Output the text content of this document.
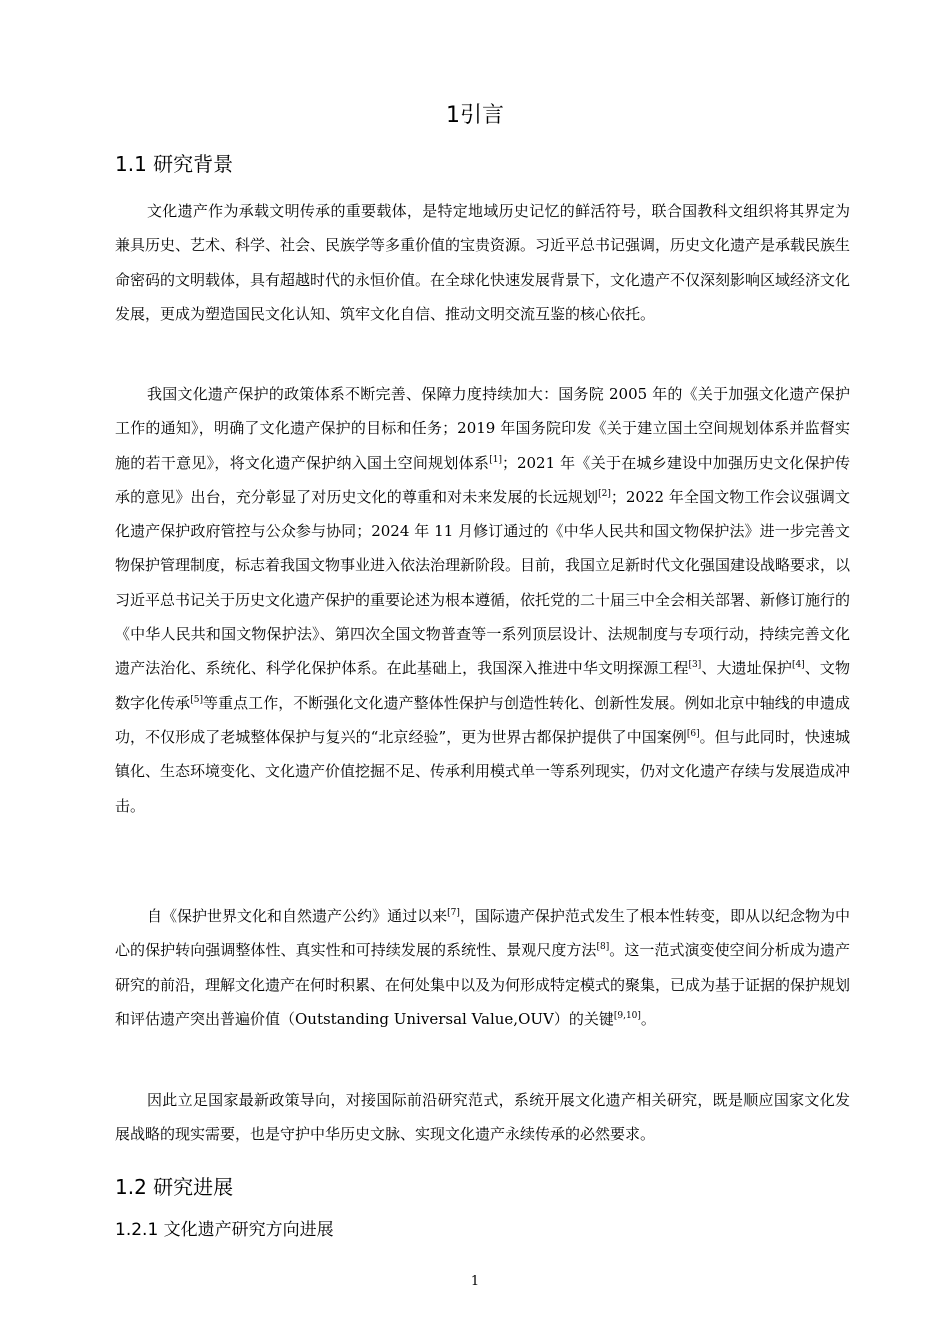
1引言
1.1 研究背景

文化遗产作为承载文明传承的重要载体，是特定地域历史记忆的鲜活符号，联合国教科文组织将其界定为兼具历史、艺术、科学、社会、民族学等多重价值的宝贵资源。习近平总书记强调，历史文化遗产是承载民族生命密码的文明载体，具有超越时代的永恒价值。在全球化快速发展背景下，文化遗产不仅深刻影响区域经济文化发展，更成为塑造国民文化认知、筑牢文化自信、推动文明交流互鉴的核心依托。

我国文化遗产保护的政策体系不断完善、保障力度持续加大：国务院 2005 年的《关于加强文化遗产保护工作的通知》，明确了文化遗产保护的目标和任务；2019 年国务院印发《关于建立国土空间规划体系并监督实施的若干意见》，将文化遗产保护纳入国土空间规划体系[1]；2021 年《关于在城乡建设中加强历史文化保护传承的意见》出台，充分彰显了对历史文化的尊重和对未来发展的长远规划[2]；2022 年全国文物工作会议强调文化遗产保护政府管控与公众参与协同；2024 年 11 月修订通过的《中华人民共和国文物保护法》进一步完善文物保护管理制度，标志着我国文物事业进入依法治理新阶段。目前，我国立足新时代文化强国建设战略要求，以习近平总书记关于历史文化遗产保护的重要论述为根本遵循，依托党的二十届三中全会相关部署、新修订施行的《中华人民共和国文物保护法》、第四次全国文物普查等一系列顶层设计、法规制度与专项行动，持续完善文化遗产法治化、系统化、科学化保护体系。在此基础上，我国深入推进中华文明探源工程[3]、大遗址保护[4]、文物数字化传承[5]等重点工作，不断强化文化遗产整体性保护与创造性转化、创新性发展。例如北京中轴线的申遗成功，不仅形成了老城整体保护与复兴的“北京经验”，更为世界古都保护提供了中国案例[6]。但与此同时，快速城镇化、生态环境变化、文化遗产价值挖掘不足、传承利用模式单一等系列现实，仍对文化遗产存续与发展造成冲击。

自《保护世界文化和自然遗产公约》通过以来[7]，国际遗产保护范式发生了根本性转变，即从以纪念物为中心的保护转向强调整体性、真实性和可持续发展的系统性、景观尺度方法[8]。这一范式演变使空间分析成为遗产研究的前沿，理解文化遗产在何时积累、在何处集中以及为何形成特定模式的聚集，已成为基于证据的保护规划和评估遗产突出普遍价值（Outstanding Universal Value,OUV）的关键[9,10]。

因此立足国家最新政策导向，对接国际前沿研究范式，系统开展文化遗产相关研究，既是顺应国家文化发展战略的现实需要，也是守护中华历史文脉、实现文化遗产永续传承的必然要求。

1.2 研究进展
1.2.1 文化遗产研究方向进展
1
